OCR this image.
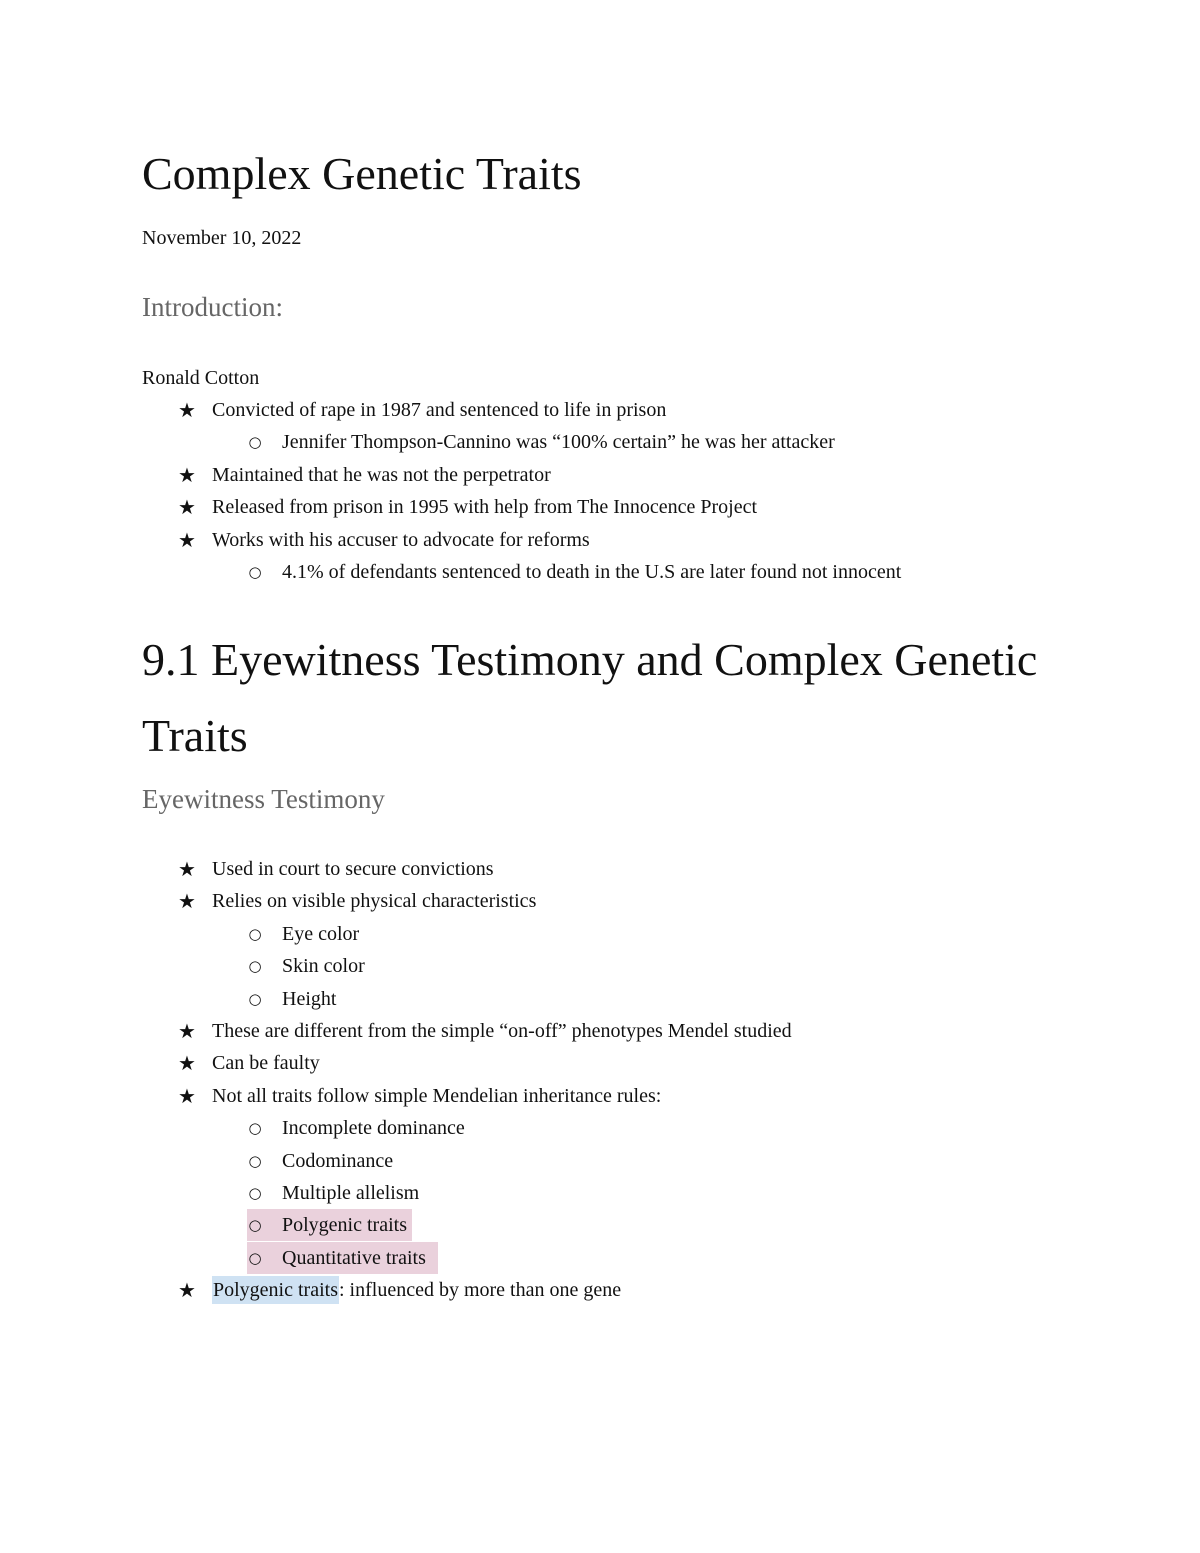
Complex Genetic Traits
November 10, 2022
Introduction:
Ronald Cotton
★ Convicted of rape in 1987 and sentenced to life in prison
○ Jennifer Thompson-Cannino was “100% certain” he was her attacker
★ Maintained that he was not the perpetrator
★ Released from prison in 1995 with help from The Innocence Project
★ Works with his accuser to advocate for reforms
○ 4.1% of defendants sentenced to death in the U.S are later found not innocent
9.1 Eyewitness Testimony and Complex Genetic Traits
Eyewitness Testimony
★ Used in court to secure convictions
★ Relies on visible physical characteristics
○ Eye color
○ Skin color
○ Height
★ These are different from the simple “on-off” phenotypes Mendel studied
★ Can be faulty
★ Not all traits follow simple Mendelian inheritance rules:
○ Incomplete dominance
○ Codominance
○ Multiple allelism
○ Polygenic traits
○ Quantitative traits
★ Polygenic traits: influenced by more than one gene
